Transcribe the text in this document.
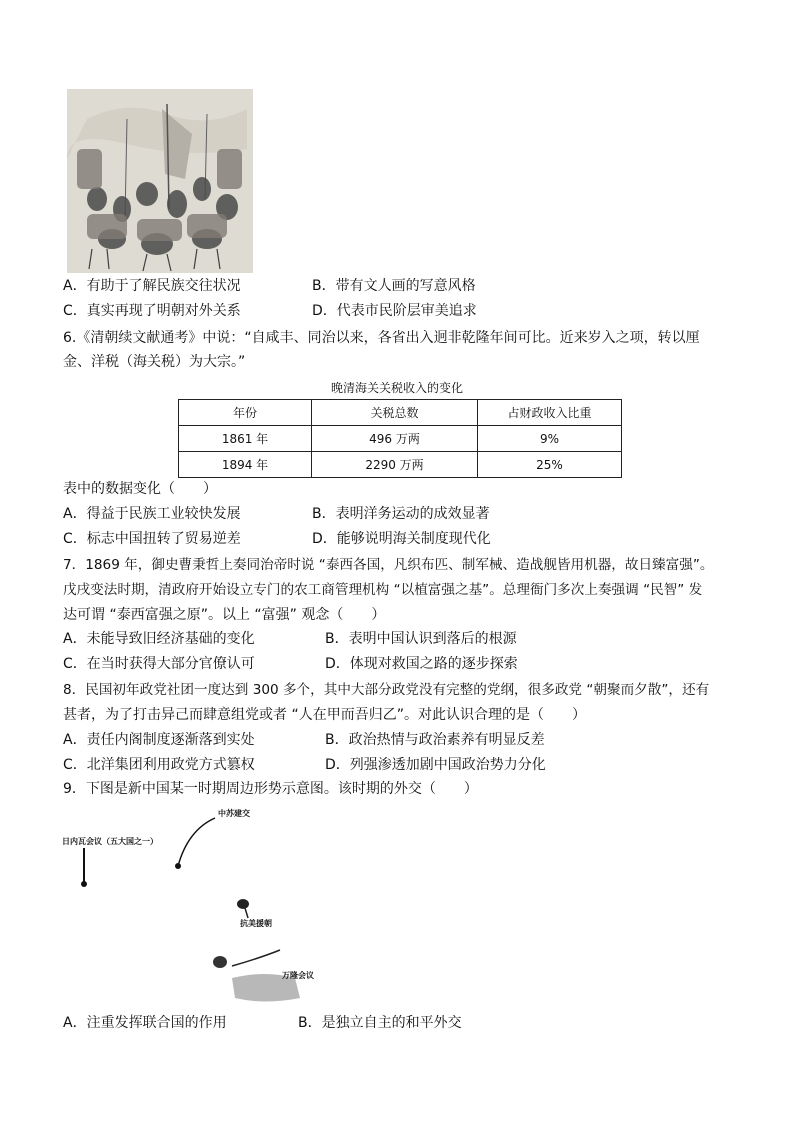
A．有助于了解民族交往状况	B．带有文人画的写意风格
C．真实再现了明朝对外关系	D．代表市民阶层审美追求
6.《清朝续文献通考》中说：“自咸丰、同治以来，各省出入迥非乾隆年间可比。近来岁入之项，转以厘
金、洋税（海关税）为大宗。”
晚清海关关税收入的变化
年份	关税总数	占财政收入比重
1861 年	496 万两	9%
1894 年	2290 万两	25%
表中的数据变化（　　）
A．得益于民族工业较快发展	B．表明洋务运动的成效显著
C．标志中国扭转了贸易逆差	D．能够说明海关制度现代化
7．1869 年，御史曹秉哲上奏同治帝时说 “泰西各国，凡织布匹、制军械、造战舰皆用机器，故日臻富强”。
戊戌变法时期，清政府开始设立专门的农工商管理机构 “以植富强之基”。总理衙门多次上奏强调 “民智” 发
达可谓 “泰西富强之原”。以上 “富强” 观念（　　）
A．未能导致旧经济基础的变化	B．表明中国认识到落后的根源
C．在当时获得大部分官僚认可	D．体现对救国之路的逐步探索
8．民国初年政党社团一度达到 300 多个，其中大部分政党没有完整的党纲，很多政党 “朝聚而夕散”，还有
甚者，为了打击异己而肆意组党或者 “人在甲而吾归乙”。对此认识合理的是（　　）
A．责任内阁制度逐渐落到实处	B．政治热情与政治素养有明显反差
C．北洋集团利用政党方式篡权	D．列强渗透加剧中国政治势力分化
9．下图是新中国某一时期周边形势示意图。该时期的外交（　　）
日内瓦会议（五大国之一）
中苏建交
抗美援朝
万隆会议
A．注重发挥联合国的作用	B．是独立自主的和平外交
